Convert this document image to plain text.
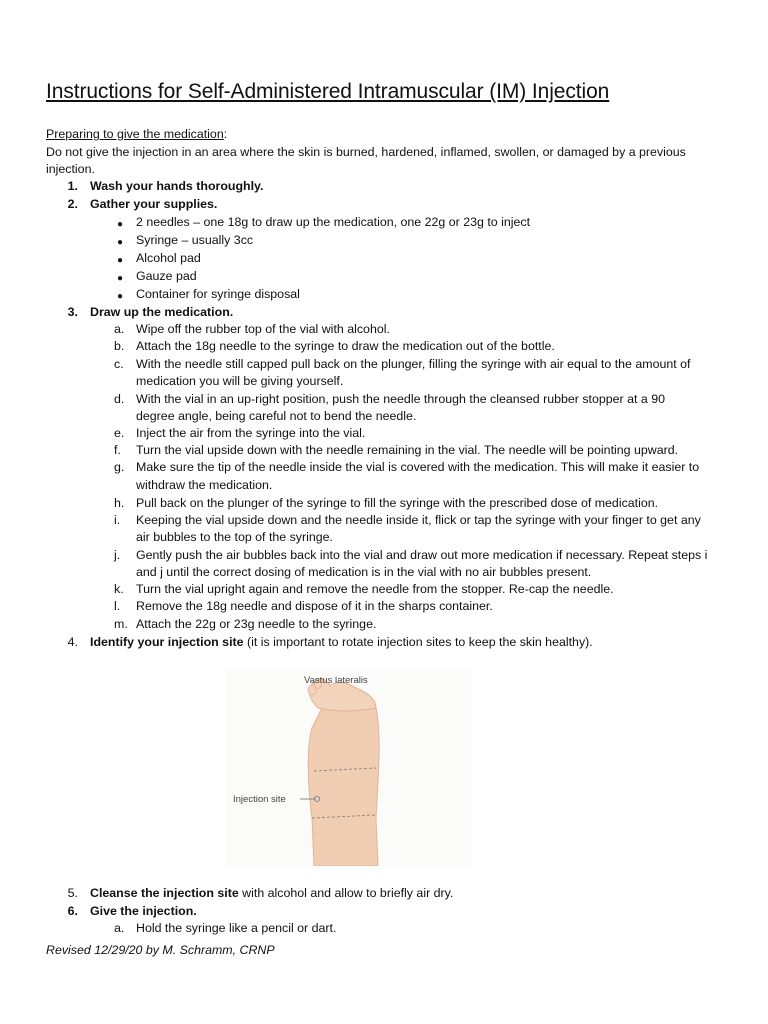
Instructions for Self-Administered Intramuscular (IM) Injection
Preparing to give the medication:
Do not give the injection in an area where the skin is burned, hardened, inflamed, swollen, or damaged by a previous
injection.
1. Wash your hands thoroughly.
2. Gather your supplies.
● 2 needles – one 18g to draw up the medication, one 22g or 23g to inject
● Syringe – usually 3cc
● Alcohol pad
● Gauze pad
● Container for syringe disposal
3. Draw up the medication.
a. Wipe off the rubber top of the vial with alcohol.
b. Attach the 18g needle to the syringe to draw the medication out of the bottle.
c. With the needle still capped pull back on the plunger, filling the syringe with air equal to the amount of
medication you will be giving yourself.
d. With the vial in an up-right position, push the needle through the cleansed rubber stopper at a 90
degree angle, being careful not to bend the needle.
e. Inject the air from the syringe into the vial.
f. Turn the vial upside down with the needle remaining in the vial. The needle will be pointing upward.
g. Make sure the tip of the needle inside the vial is covered with the medication. This will make it easier to
withdraw the medication.
h. Pull back on the plunger of the syringe to fill the syringe with the prescribed dose of medication.
i. Keeping the vial upside down and the needle inside it, flick or tap the syringe with your finger to get any
air bubbles to the top of the syringe.
j. Gently push the air bubbles back into the vial and draw out more medication if necessary. Repeat steps i
and j until the correct dosing of medication is in the vial with no air bubbles present.
k. Turn the vial upright again and remove the needle from the stopper. Re-cap the needle.
l. Remove the 18g needle and dispose of it in the sharps container.
m. Attach the 22g or 23g needle to the syringe.
4. Identify your injection site (it is important to rotate injection sites to keep the skin healthy).
Vastus lateralis
Injection site
5. Cleanse the injection site with alcohol and allow to briefly air dry.
6. Give the injection.
a. Hold the syringe like a pencil or dart.
Revised 12/29/20 by M. Schramm, CRNP
